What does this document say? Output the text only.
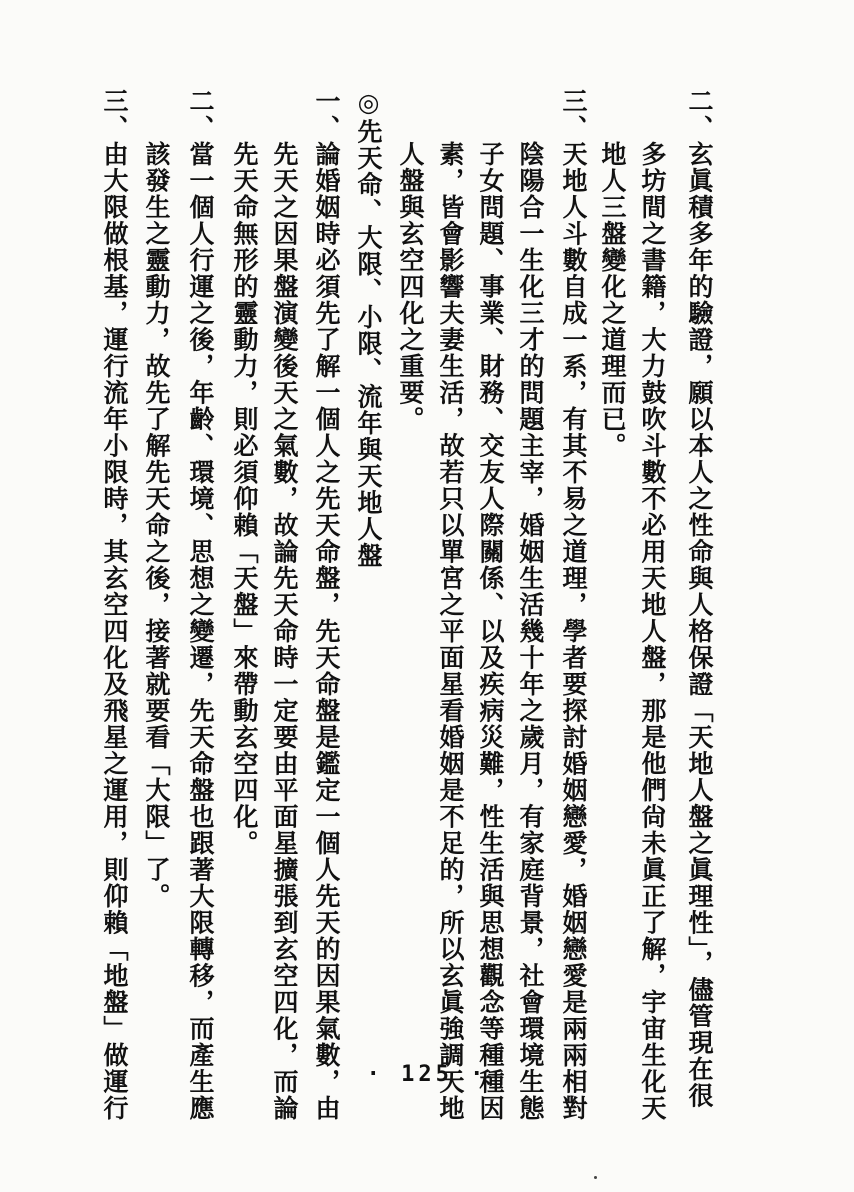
二、玄眞積多年的驗證，願以本人之性命與人格保證「天地人盤之眞理性」，儘管現在很
　　多坊間之書籍，大力鼓吹斗數不必用天地人盤，那是他們尙未眞正了解，宇宙生化天
　　地人三盤變化之道理而已。
三、天地人斗數自成一系，有其不易之道理，學者要探討婚姻戀愛，婚姻戀愛是兩兩相對
　　陰陽合一生化三才的問題主宰，婚姻生活幾十年之歲月，有家庭背景，社會環境生態
　　子女問題、事業、財務、交友人際關係、以及疾病災難，性生活與思想觀念等種種因
　　素，皆會影響夫妻生活，故若只以單宮之平面星看婚姻是不足的，所以玄眞強調天地
　　人盤與玄空四化之重要。
◎先天命、大限、小限、流年與天地人盤
一、論婚姻時必須先了解一個人之先天命盤，先天命盤是鑑定一個人先天的因果氣數，由
　　先天之因果盤演變後天之氣數，故論先天命時一定要由平面星擴張到玄空四化，而論
　　先天命無形的靈動力，則必須仰賴「天盤」來帶動玄空四化。
二、當一個人行運之後，年齡、環境、思想之變遷，先天命盤也跟著大限轉移，而產生應
　　該發生之靈動力，故先了解先天命之後，接著就要看「大限」了。
三、由大限做根基，運行流年小限時，其玄空四化及飛星之運用，則仰賴「地盤」做運行	· 125 ·
